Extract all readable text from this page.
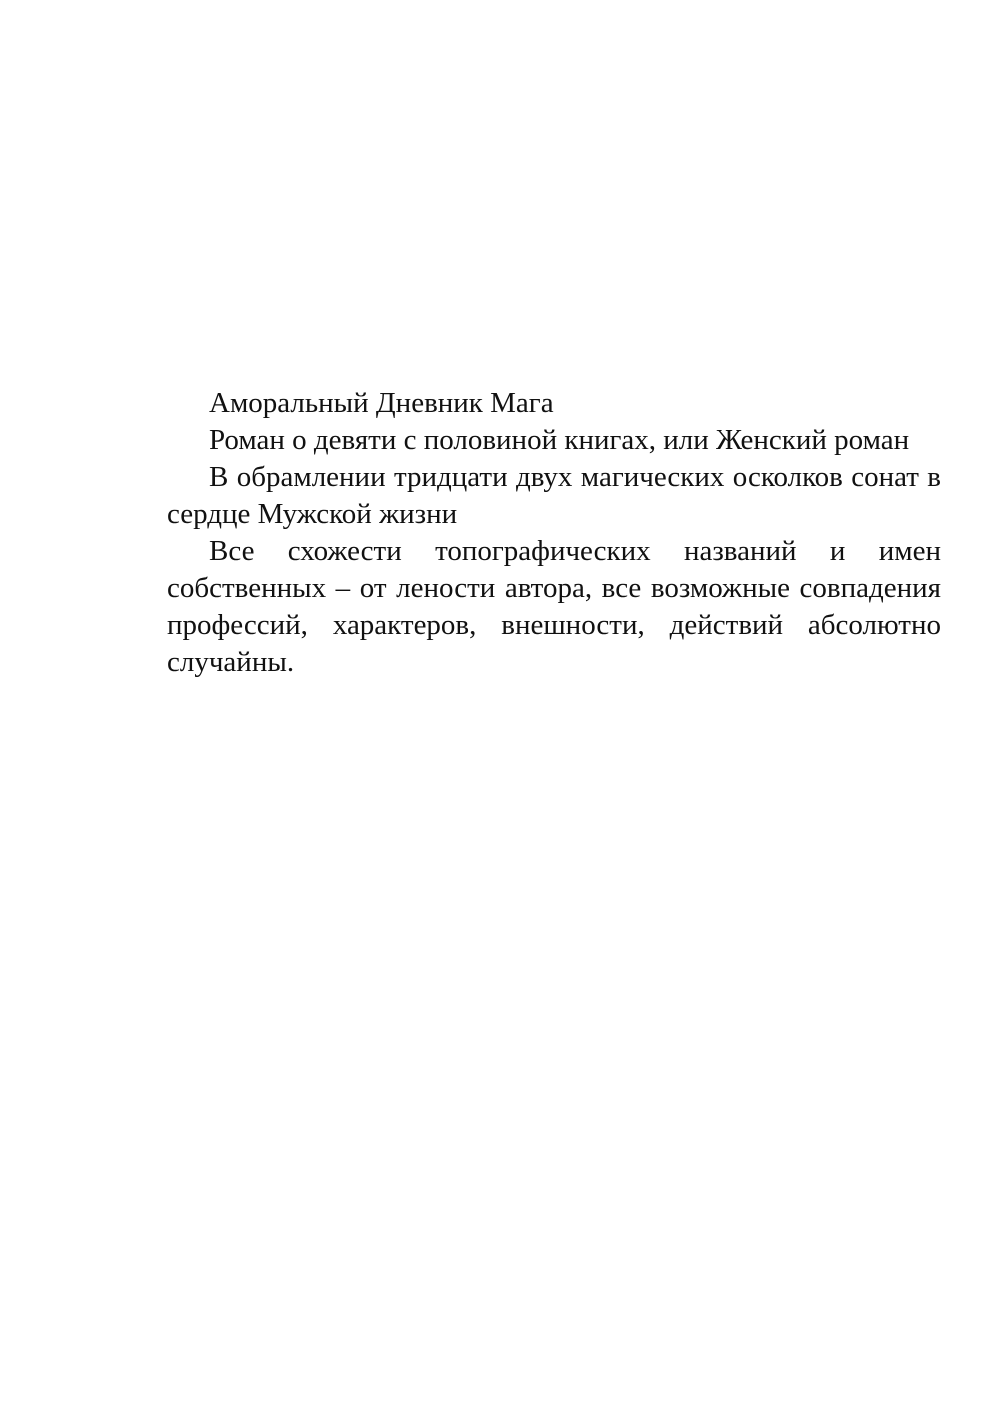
Аморальный Дневник Мага

Роман о девяти с половиной книгах, или Женский роман

В обрамлении тридцати двух магических осколков сонат в сердце Мужской жизни

Все схожести топографических названий и имен собственных – от лености автора, все возможные совпадения профессий, характеров, внешности, действий абсолютно случайны.
